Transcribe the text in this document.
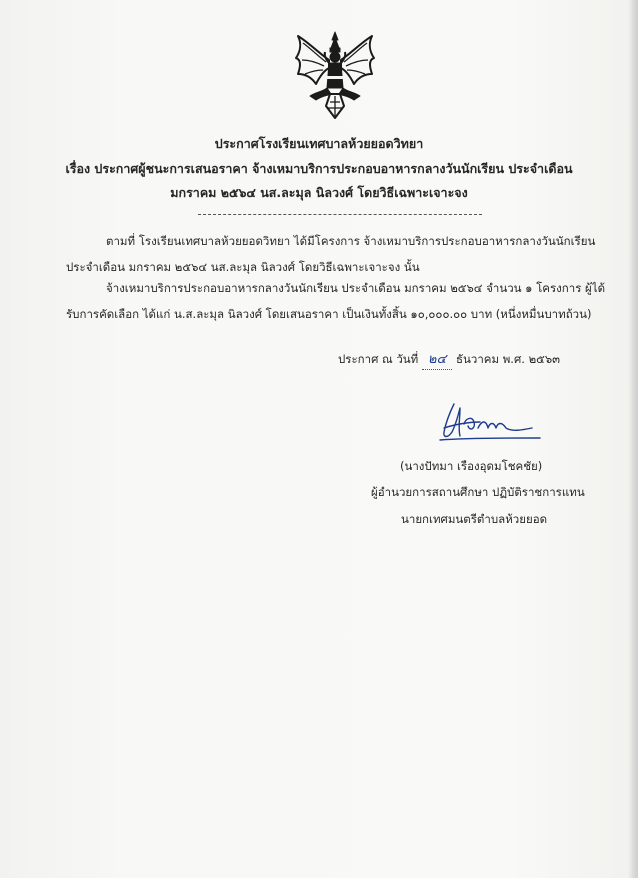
ประกาศโรงเรียนเทศบาลห้วยยอดวิทยา
เรื่อง ประกาศผู้ชนะการเสนอราคา จ้างเหมาบริการประกอบอาหารกลางวันนักเรียน ประจำเดือน
มกราคม ๒๕๖๔ นส.ละมุล นิลวงศ์ โดยวิธีเฉพาะเจาะจง
ตามที่ โรงเรียนเทศบาลห้วยยอดวิทยา ได้มีโครงการ จ้างเหมาบริการประกอบอาหารกลางวันนักเรียน
ประจำเดือน มกราคม ๒๕๖๔ นส.ละมุล นิลวงศ์ โดยวิธีเฉพาะเจาะจง นั้น
จ้างเหมาบริการประกอบอาหารกลางวันนักเรียน ประจำเดือน มกราคม ๒๕๖๔ จำนวน ๑ โครงการ ผู้ได้
รับการคัดเลือก ได้แก่ น.ส.ละมุล นิลวงศ์ โดยเสนอราคา เป็นเงินทั้งสิ้น ๑๐,๐๐๐.๐๐ บาท (หนึ่งหมื่นบาทถ้วน)
ประกาศ ณ วันที่ ๒๔ ธันวาคม พ.ศ. ๒๕๖๓
(นางปัทมา เรืองอุดมโชคชัย)
ผู้อำนวยการสถานศึกษา ปฏิบัติราชการแทน
นายกเทศมนตรีตำบลห้วยยอด
